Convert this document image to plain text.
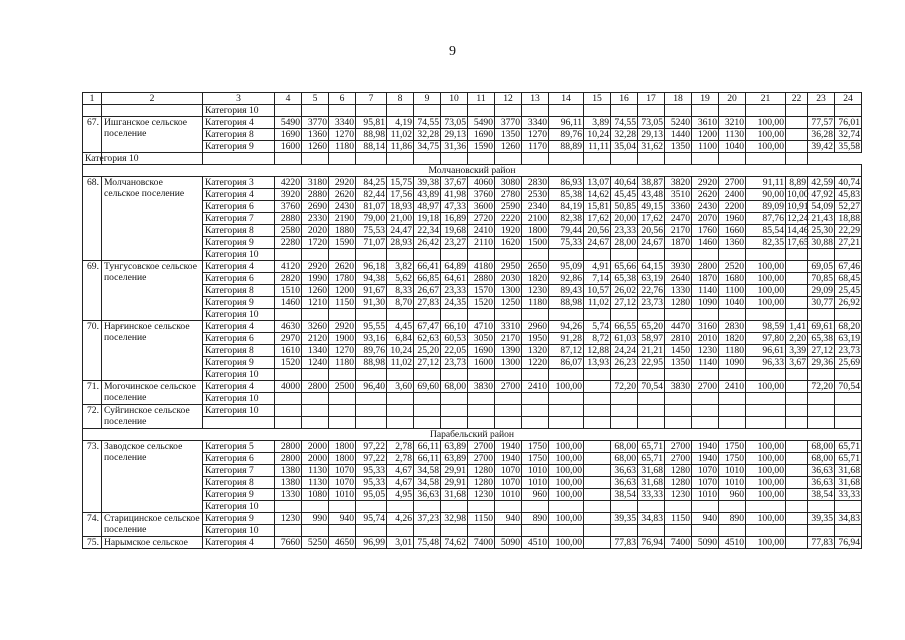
9
1	2	3	4	5	6	7	8	9	10	11	12	13	14	15	16	17	18	19	20	21	22	23	24
		Категория 10																					
67.	Ишганское сельское поселение	Категория 4	5490	3770	3340	95,81	4,19	74,55	73,05	5490	3770	3340	96,11	3,89	74,55	73,05	5240	3610	3210	100,00		77,57	76,01
		Категория 8	1690	1360	1270	88,98	11,02	32,28	29,13	1690	1350	1270	89,76	10,24	32,28	29,13	1440	1200	1130	100,00		36,28	32,74
		Категория 9	1600	1260	1180	88,14	11,86	34,75	31,36	1590	1260	1170	88,89	11,11	35,04	31,62	1350	1100	1040	100,00		39,42	35,58
Категория 10																							
Молчановский район																							
68.	Молчановское сельское поселение	Категория 3	4220	3180	2920	84,25	15,75	39,38	37,67	4060	3080	2830	86,93	13,07	40,64	38,87	3820	2920	2700	91,11	8,89	42,59	40,74
		Категория 4	3920	2880	2620	82,44	17,56	43,89	41,98	3760	2780	2530	85,38	14,62	45,45	43,48	3510	2620	2400	90,00	10,00	47,92	45,83
		Категория 6	3760	2690	2430	81,07	18,93	48,97	47,33	3600	2590	2340	84,19	15,81	50,85	49,15	3360	2430	2200	89,09	10,91	54,09	52,27
		Категория 7	2880	2330	2190	79,00	21,00	19,18	16,89	2720	2220	2100	82,38	17,62	20,00	17,62	2470	2070	1960	87,76	12,24	21,43	18,88
		Категория 8	2580	2020	1880	75,53	24,47	22,34	19,68	2410	1920	1800	79,44	20,56	23,33	20,56	2170	1760	1660	85,54	14,46	25,30	22,29
		Категория 9	2280	1720	1590	71,07	28,93	26,42	23,27	2110	1620	1500	75,33	24,67	28,00	24,67	1870	1460	1360	82,35	17,65	30,88	27,21
		Категория 10																					
69.	Тунгусовское сельское поселение	Категория 4	4120	2920	2620	96,18	3,82	66,41	64,89	4180	2950	2650	95,09	4,91	65,66	64,15	3930	2800	2520	100,00		69,05	67,46
		Категория 6	2820	1990	1780	94,38	5,62	66,85	64,61	2880	2030	1820	92,86	7,14	65,38	63,19	2640	1870	1680	100,00		70,85	68,45
		Категория 8	1510	1260	1200	91,67	8,33	26,67	23,33	1570	1300	1230	89,43	10,57	26,02	22,76	1330	1140	1100	100,00		29,09	25,45
		Категория 9	1460	1210	1150	91,30	8,70	27,83	24,35	1520	1250	1180	88,98	11,02	27,12	23,73	1280	1090	1040	100,00		30,77	26,92
		Категория 10																					
70.	Нарғинское сельское поселение	Категория 4	4630	3260	2920	95,55	4,45	67,47	66,10	4710	3310	2960	94,26	5,74	66,55	65,20	4470	3160	2830	98,59	1,41	69,61	68,20
		Категория 6	2970	2120	1900	93,16	6,84	62,63	60,53	3050	2170	1950	91,28	8,72	61,03	58,97	2810	2010	1820	97,80	2,20	65,38	63,19
		Категория 8	1610	1340	1270	89,76	10,24	25,20	22,05	1690	1390	1320	87,12	12,88	24,24	21,21	1450	1230	1180	96,61	3,39	27,12	23,73
		Категория 9	1520	1240	1180	88,98	11,02	27,12	23,73	1600	1300	1220	86,07	13,93	26,23	22,95	1350	1140	1090	96,33	3,67	29,36	25,69
		Категория 10																					
71.	Могочинское сельское поселение	Категория 4	4000	2800	2500	96,40	3,60	69,60	68,00	3830	2700	2410	100,00		72,20	70,54	3830	2700	2410	100,00		72,20	70,54
		Категория 10																					
72.	Суйгинское сельское поселение	Категория 10																					

Парабельский район																							
73.	Заводское сельское поселение	Категория 5	2800	2000	1800	97,22	2,78	66,11	63,89	2700	1940	1750	100,00		68,00	65,71	2700	1940	1750	100,00		68,00	65,71
		Категория 6	2800	2000	1800	97,22	2,78	66,11	63,89	2700	1940	1750	100,00		68,00	65,71	2700	1940	1750	100,00		68,00	65,71
		Категория 7	1380	1130	1070	95,33	4,67	34,58	29,91	1280	1070	1010	100,00		36,63	31,68	1280	1070	1010	100,00		36,63	31,68
		Категория 8	1380	1130	1070	95,33	4,67	34,58	29,91	1280	1070	1010	100,00		36,63	31,68	1280	1070	1010	100,00		36,63	31,68
		Категория 9	1330	1080	1010	95,05	4,95	36,63	31,68	1230	1010	960	100,00		38,54	33,33	1230	1010	960	100,00		38,54	33,33
		Категория 10																					
74.	Старицинское сельское поселение	Категория 9	1230	990	940	95,74	4,26	37,23	32,98	1150	940	890	100,00		39,35	34,83	1150	940	890	100,00		39,35	34,83
		Категория 10																					
75.	Нарымское сельское	Категория 4	7660	5250	4650	96,99	3,01	75,48	74,62	7400	5090	4510	100,00		77,83	76,94	7400	5090	4510	100,00		77,83	76,94
